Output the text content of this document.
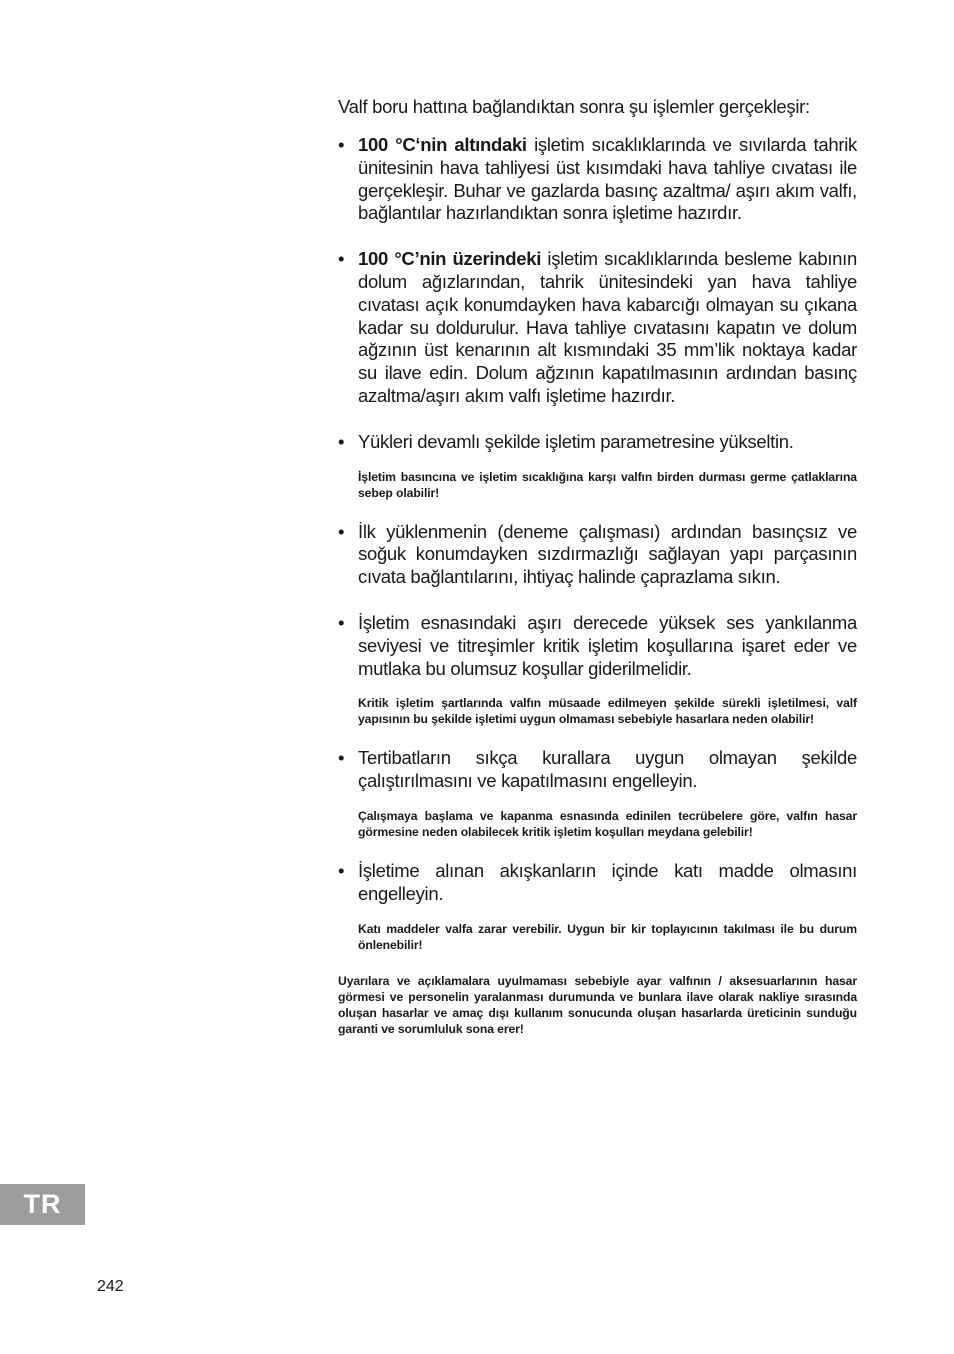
Valf boru hattına bağlandıktan sonra şu işlemler gerçekleşir:

• 100 °C‘nin altındaki işletim sıcaklıklarında ve sıvılarda tahrik ünitesinin hava tahliyesi üst kısımdaki hava tahliye cıvatası ile gerçekleşir. Buhar ve gazlarda basınç azaltma/ aşırı akım valfı, bağlantılar hazırlandıktan sonra işletime hazırdır.
• 100 °C’nin üzerindeki işletim sıcaklıklarında besleme kabının dolum ağızlarından, tahrik ünitesindeki yan hava tahliye cıvatası açık konumdayken hava kabarcığı olmayan su çıkana kadar su doldurulur. Hava tahliye cıvatasını kapatın ve dolum ağzının üst kenarının alt kısmındaki 35 mm’lik noktaya kadar su ilave edin. Dolum ağzının kapatılmasının ardından basınç azaltma/aşırı akım valfı işletime hazırdır.
• Yükleri devamlı şekilde işletim parametresine yükseltin.
İşletim basıncına ve işletim sıcaklığına karşı valfın birden durması germe çatlaklarına sebep olabilir!
• İlk yüklenmenin (deneme çalışması) ardından basınçsız ve soğuk konumdayken sızdırmazlığı sağlayan yapı parçasının cıvata bağlantılarını, ihtiyaç halinde çaprazlama sıkın.
• İşletim esnasındaki aşırı derecede yüksek ses yankılanma seviyesi ve titreşimler kritik işletim koşullarına işaret eder ve mutlaka bu olumsuz koşullar giderilmelidir.
Kritik işletim şartlarında valfın müsaade edilmeyen şekilde sürekli işletilmesi, valf yapısının bu şekilde işletimi uygun olmaması sebebiyle hasarlara neden olabilir!
• Tertibatların sıkça kurallara uygun olmayan şekilde çalıştırılmasını ve kapatılmasını engelleyin.
Çalışmaya başlama ve kapanma esnasında edinilen tecrübelere göre, valfın hasar görmesine neden olabilecek kritik işletim koşulları meydana gelebilir!
• İşletime alınan akışkanların içinde katı madde olmasını engelleyin.
Katı maddeler valfa zarar verebilir. Uygun bir kir toplayıcının takılması ile bu durum önlenebilir!
Uyarılara ve açıklamalara uyulmaması sebebiyle ayar valfının / aksesuarlarının hasar görmesi ve personelin yaralanması durumunda ve bunlara ilave olarak nakliye sırasında oluşan hasarlar ve amaç dışı kullanım sonucunda oluşan hasarlarda üreticinin sunduğu garanti ve sorumluluk sona erer!
TR
242
